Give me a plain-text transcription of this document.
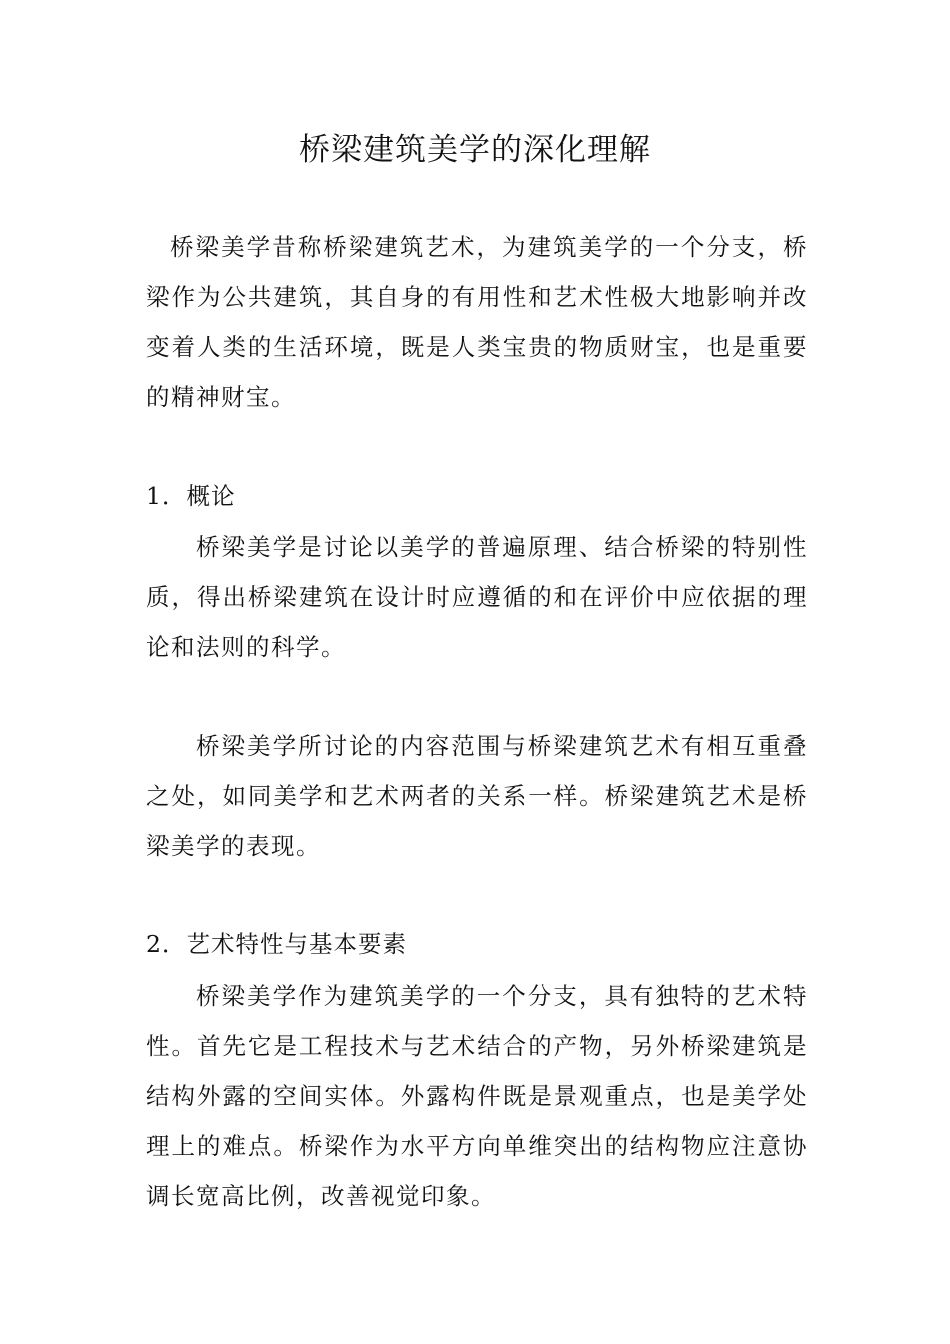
桥梁建筑美学的深化理解

桥梁美学昔称桥梁建筑艺术，为建筑美学的一个分支，桥梁作为公共建筑，其自身的有用性和艺术性极大地影响并改变着人类的生活环境，既是人类宝贵的物质财宝，也是重要的精神财宝。

1．概论

桥梁美学是讨论以美学的普遍原理、结合桥梁的特别性质，得出桥梁建筑在设计时应遵循的和在评价中应依据的理论和法则的科学。

桥梁美学所讨论的内容范围与桥梁建筑艺术有相互重叠之处，如同美学和艺术两者的关系一样。桥梁建筑艺术是桥梁美学的表现。

2．艺术特性与基本要素

桥梁美学作为建筑美学的一个分支，具有独特的艺术特性。首先它是工程技术与艺术结合的产物，另外桥梁建筑是结构外露的空间实体。外露构件既是景观重点，也是美学处理上的难点。桥梁作为水平方向单维突出的结构物应注意协调长宽高比例，改善视觉印象。
